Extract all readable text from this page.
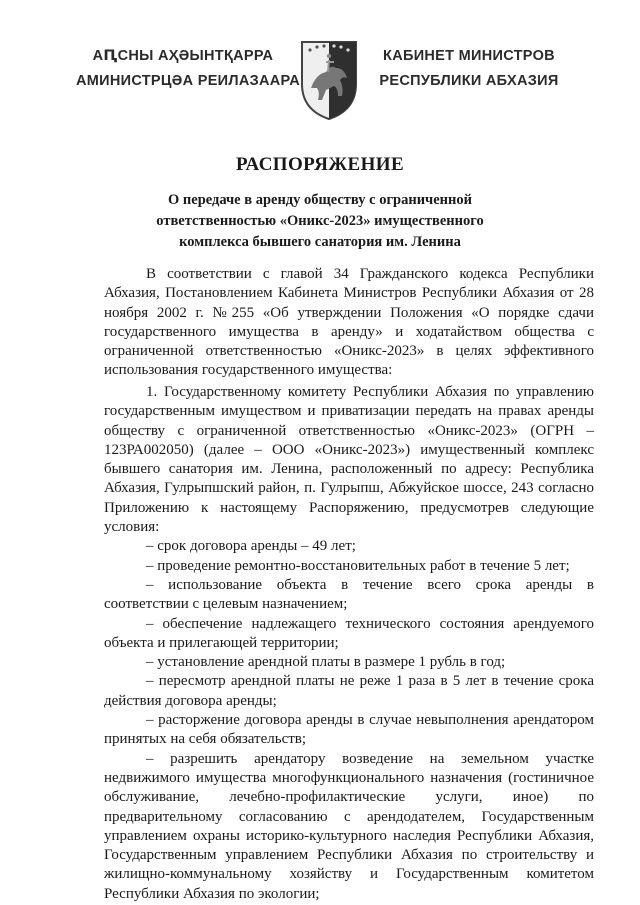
АԤСНЫ АҲӘЫНТҚАРРА
АМИНИСТРЦӘА РЕИЛАЗААРА
КАБИНЕТ МИНИСТРОВ
РЕСПУБЛИКИ АБХАЗИЯ
РАСПОРЯЖЕНИЕ
О передаче в аренду обществу с ограниченной
ответственностью «Оникс-2023» имущественного
комплекса бывшего санатория им. Ленина

В соответствии с главой 34 Гражданского кодекса Республики Абхазия, Постановлением Кабинета Министров Республики Абхазия от 28 ноября 2002 г. №255 «Об утверждении Положения «О порядке сдачи государственного имущества в аренду» и ходатайством общества с ограниченной ответственностью «Оникс-2023» в целях эффективного использования государственного имущества:

1. Государственному комитету Республики Абхазия по управлению государственным имуществом и приватизации передать на правах аренды обществу с ограниченной ответственностью «Оникс-2023» (ОГРН – 123РА002050) (далее – ООО «Оникс-2023») имущественный комплекс бывшего санатория им. Ленина, расположенный по адресу: Республика Абхазия, Гулрыпшский район, п. Гулрыпш, Абжуйское шоссе, 243 согласно Приложению к настоящему Распоряжению, предусмотрев следующие условия:

– срок договора аренды – 49 лет;
– проведение ремонтно-восстановительных работ в течение 5 лет;
– использование объекта в течение всего срока аренды в соответствии с целевым назначением;
– обеспечение надлежащего технического состояния арендуемого объекта и прилегающей территории;
– установление арендной платы в размере 1 рубль в год;
– пересмотр арендной платы не реже 1 раза в 5 лет в течение срока действия договора аренды;
– расторжение договора аренды в случае невыполнения арендатором принятых на себя обязательств;
– разрешить арендатору возведение на земельном участке недвижимого имущества многофункционального назначения (гостиничное обслуживание, лечебно-профилактические услуги, иное) по предварительному согласованию с арендодателем, Государственным управлением охраны историко-культурного наследия Республики Абхазия, Государственным управлением Республики Абхазия по строительству и жилищно-коммунальному хозяйству и Государственным комитетом Республики Абхазия по экологии;
